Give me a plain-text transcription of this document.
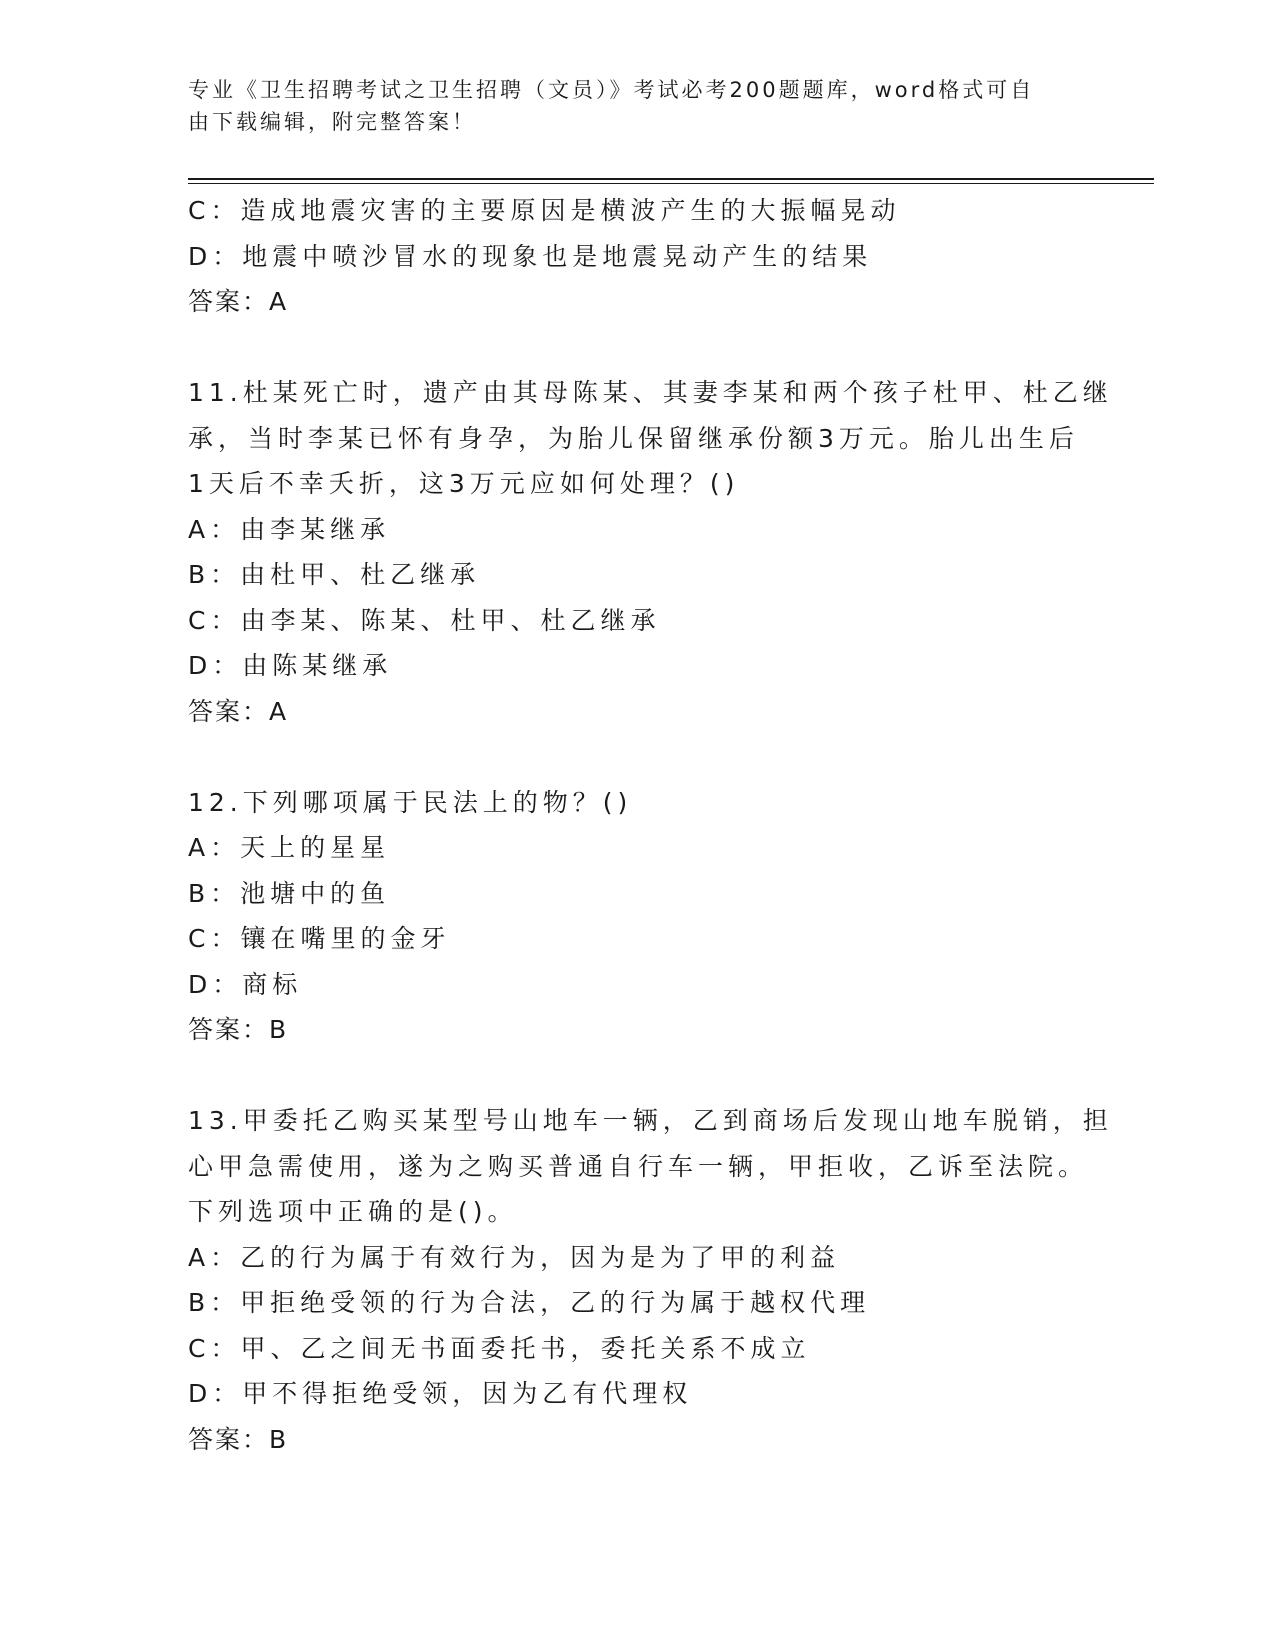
专业《卫生招聘考试之卫生招聘（文员）》考试必考200题题库，word格式可自
由下载编辑，附完整答案！

C：造成地震灾害的主要原因是横波产生的大振幅晃动

D：地震中喷沙冒水的现象也是地震晃动产生的结果

答案：A

11.杜某死亡时，遗产由其母陈某、其妻李某和两个孩子杜甲、杜乙继

承，当时李某已怀有身孕，为胎儿保留继承份额3万元。胎儿出生后

1天后不幸夭折，这3万元应如何处理？()

A：由李某继承

B：由杜甲、杜乙继承

C：由李某、陈某、杜甲、杜乙继承

D：由陈某继承

答案：A

12.下列哪项属于民法上的物？()

A：天上的星星

B：池塘中的鱼

C：镶在嘴里的金牙

D：商标

答案：B

13.甲委托乙购买某型号山地车一辆，乙到商场后发现山地车脱销，担

心甲急需使用，遂为之购买普通自行车一辆，甲拒收，乙诉至法院。

下列选项中正确的是()。

A：乙的行为属于有效行为，因为是为了甲的利益

B：甲拒绝受领的行为合法，乙的行为属于越权代理

C：甲、乙之间无书面委托书，委托关系不成立

D：甲不得拒绝受领，因为乙有代理权

答案：B
